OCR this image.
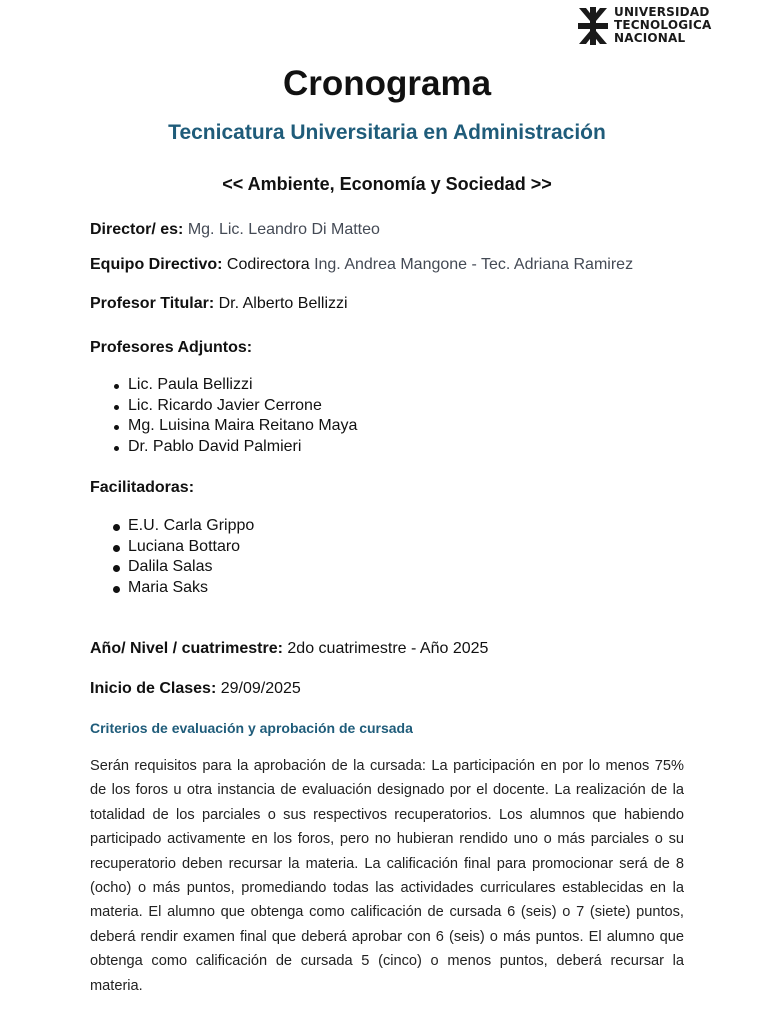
UNIVERSIDAD
TECNOLOGICA
NACIONAL
Cronograma
Tecnicatura Universitaria en Administración
<< Ambiente, Economía y Sociedad >>
Director/ es: Mg. Lic. Leandro Di Matteo
Equipo Directivo: Codirectora Ing. Andrea Mangone - Tec. Adriana Ramirez
Profesor Titular: Dr. Alberto Bellizzi
Profesores Adjuntos:
Lic. Paula Bellizzi
Lic. Ricardo Javier Cerrone
Mg. Luisina Maira Reitano Maya
Dr. Pablo David Palmieri
Facilitadoras:
E.U. Carla Grippo
Luciana Bottaro
Dalila Salas
Maria Saks
Año/ Nivel / cuatrimestre: 2do cuatrimestre - Año 2025
Inicio de Clases: 29/09/2025
Criterios de evaluación y aprobación de cursada

Serán requisitos para la aprobación de la cursada: La participación en por lo menos 75% de los foros u otra instancia de evaluación designado por el docente. La realización de la totalidad de los parciales o sus respectivos recuperatorios. Los alumnos que habiendo participado activamente en los foros, pero no hubieran rendido uno o más parciales o su recuperatorio deben recursar la materia. La calificación final para promocionar será de 8 (ocho) o más puntos, promediando todas las actividades curriculares establecidas en la materia. El alumno que obtenga como calificación de cursada 6 (seis) o 7 (siete) puntos, deberá rendir examen final que deberá aprobar con 6 (seis) o más puntos. El alumno que obtenga como calificación de cursada 5 (cinco) o menos puntos, deberá recursar la materia.
